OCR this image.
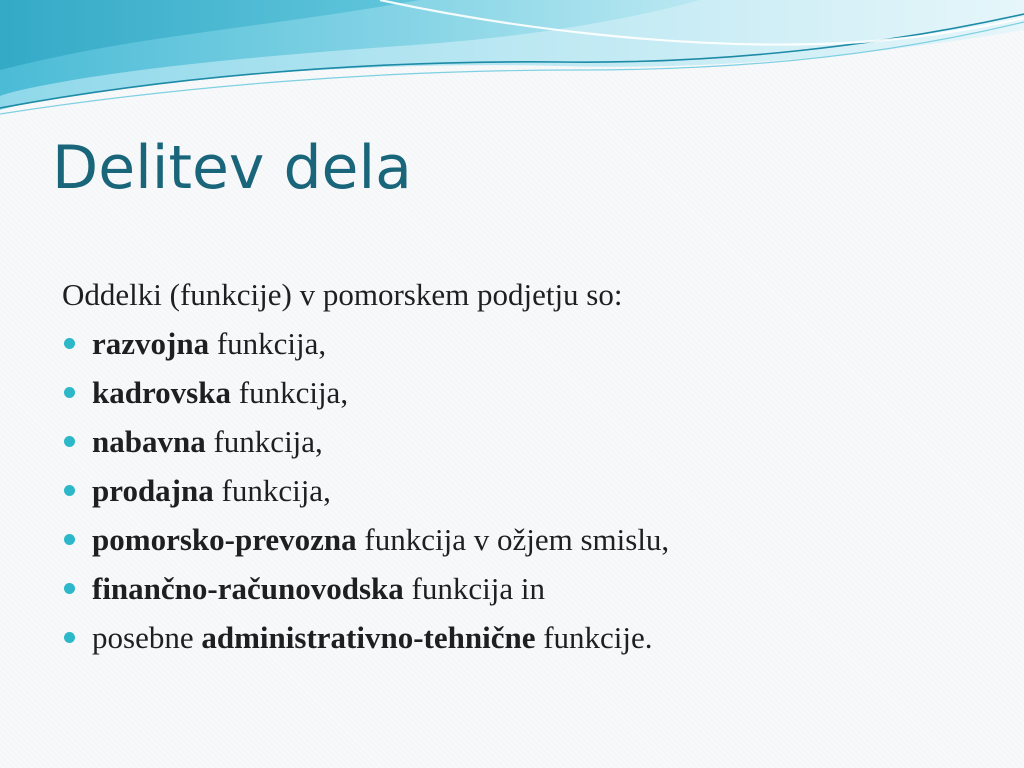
Delitev dela

Oddelki (funkcije) v pomorskem podjetju so:

razvojna funkcija,
kadrovska funkcija,
nabavna funkcija,
prodajna funkcija,
pomorsko-prevozna funkcija v ožjem smislu,
finančno-računovodska funkcija in
posebne administrativno-tehnične funkcije.
